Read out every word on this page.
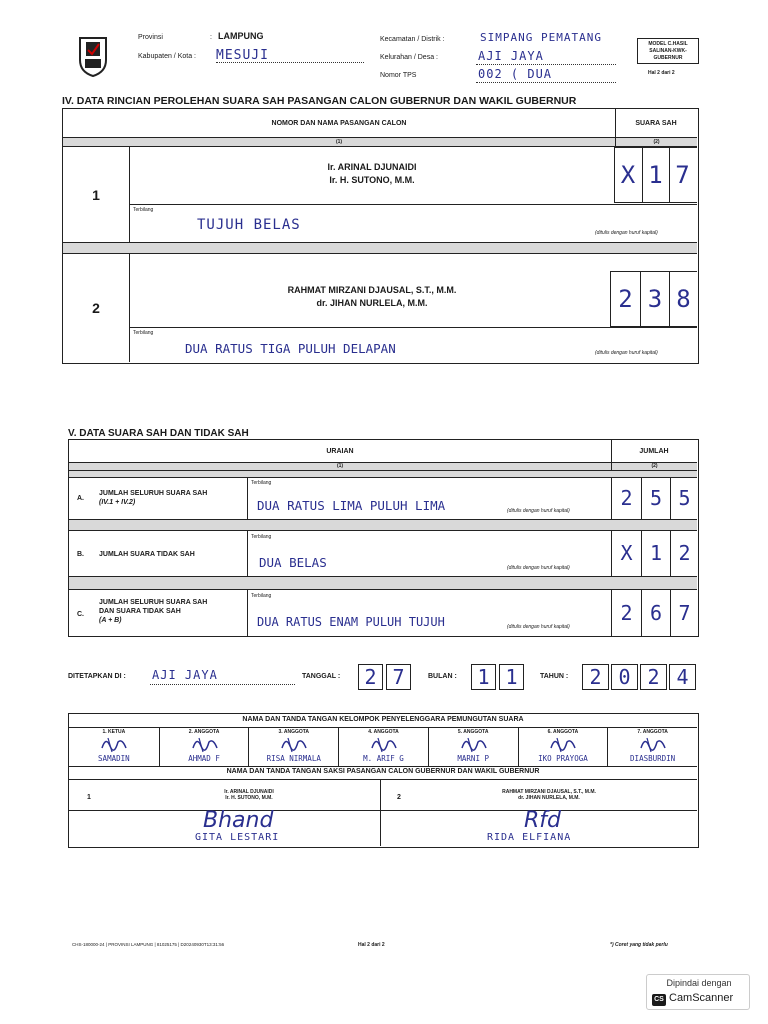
Provinsi	: LAMPUNG
Kabupaten / Kota : MESUJI
Kecamatan / Distrik :	SIMPANG PEMATANG
Kelurahan / Desa :	AJI JAYA
Nomor TPS	002 ( DUA
MODEL C.HASIL SALINAN-KWK-GUBERNUR
Hal 2 dari 2
IV. DATA RINCIAN PEROLEHAN SUARA SAH PASANGAN CALON GUBERNUR DAN WAKIL GUBERNUR
NOMOR DAN NAMA PASANGAN CALON	SUARA SAH
(1)	(2)
1
Ir. ARINAL DJUNAIDI
Ir. H. SUTONO, M.M.	X 1 7
Terbilang
TUJUH BELAS	(ditulis dengan huruf kapital)
2
RAHMAT MIRZANI DJAUSAL, S.T., M.M.
dr. JIHAN NURLELA, M.M.	2 3 8
Terbilang
DUA RATUS TIGA PULUH DELAPAN	(ditulis dengan huruf kapital)
V. DATA SUARA SAH DAN TIDAK SAH
URAIAN	JUMLAH
(1)	(2)
A.
JUMLAH SELURUH SUARA SAH
(IV.1 + IV.2)
Terbilang
DUA RATUS LIMA PULUH LIMA	(ditulis dengan huruf kapital)
2 5 5
B. JUMLAH SUARA TIDAK SAH
Terbilang
DUA BELAS	(ditulis dengan huruf kapital)
X 1 2
C.
JUMLAH SELURUH SUARA SAH
DAN SUARA TIDAK SAH
(A + B)
Terbilang
DUA RATUS ENAM PULUH TUJUH	(ditulis dengan huruf kapital)
2 6 7
DITETAPKAN DI : AJI JAYA	TANGGAL :	2 7	BULAN :	1 1	TAHUN :	2 0 2 4
NAMA DAN TANDA TANGAN KELOMPOK PENYELENGGARA PEMUNGUTAN SUARA
1. KETUA
SAMADIN
2. ANGGOTA
AHMAD F
3. ANGGOTA
RISA NIRMALA
4. ANGGOTA
M. ARIF G
5. ANGGOTA
MARNI P
6. ANGGOTA
IKO PRAYOGA
7. ANGGOTA
DIASBURDIN
NAMA DAN TANDA TANGAN SAKSI PASANGAN CALON GUBERNUR DAN WAKIL GUBERNUR
1
Ir. ARINAL DJUNAIDI
Ir. H. SUTONO, M.M.
Bhand
GITA LESTARI
2
RAHMAT MIRZANI DJAUSAL, S.T., M.M.
dr. JIHAN NURLELA, M.M.
Rfd
RIDA ELFIANA
CHS-180000-24 | PROVINSI LAMPUNG | 81025175 | D20240930T13:31:56	Hal 2 dari 2	*) Coret yang tidak perlu
Dipindai dengan
CS CamScanner
